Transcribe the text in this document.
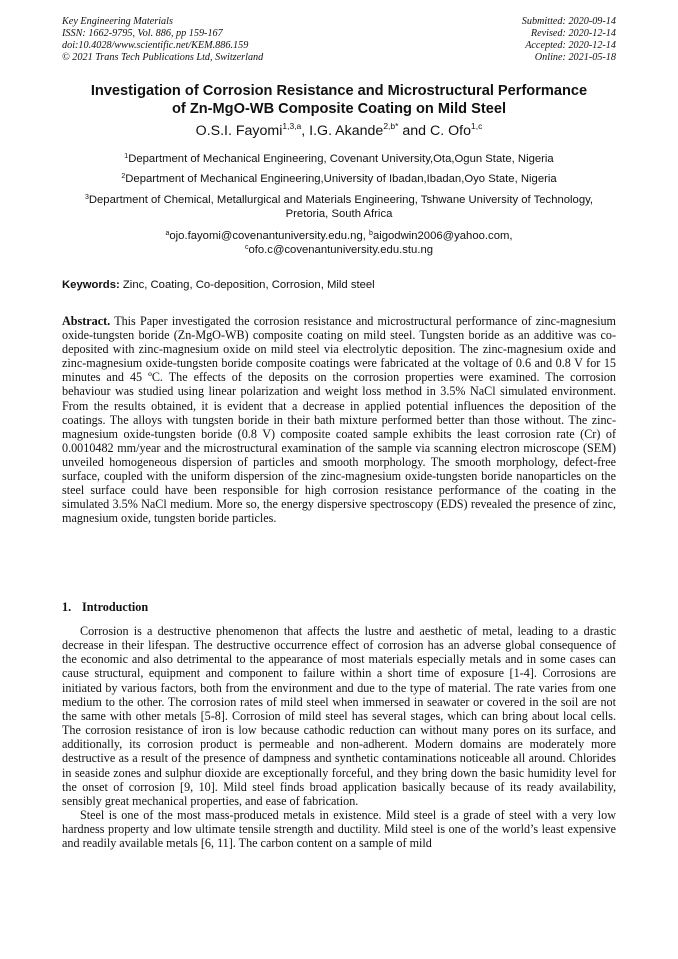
Key Engineering Materials
ISSN: 1662-9795, Vol. 886, pp 159-167
doi:10.4028/www.scientific.net/KEM.886.159
© 2021 Trans Tech Publications Ltd, Switzerland
Submitted: 2020-09-14
Revised: 2020-12-14
Accepted: 2020-12-14
Online: 2021-05-18
Investigation of Corrosion Resistance and Microstructural Performance
of Zn-MgO-WB Composite Coating on Mild Steel
O.S.I. Fayomi$^{1,3,a}$, I.G. Akande$^{2,b*}$ and C. Ofo$^{1,c}$
$^1$Department of Mechanical Engineering, Covenant University,Ota,Ogun State, Nigeria
$^2$Department of Mechanical Engineering,University of Ibadan,Ibadan,Oyo State, Nigeria
$^3$Department of Chemical, Metallurgical and Materials Engineering, Tshwane University of Technology, Pretoria, South Africa
$^a$ojo.fayomi@covenantuniversity.edu.ng, $^b$aigodwin2006@yahoo.com,
$^c$ofo.c@covenantuniversity.edu.stu.ng
Keywords: Zinc, Coating, Co-deposition, Corrosion, Mild steel
Abstract. This Paper investigated the corrosion resistance and microstructural performance of zinc-magnesium oxide-tungsten boride (Zn-MgO-WB) composite coating on mild steel. Tungsten boride as an additive was co-deposited with zinc-magnesium oxide on mild steel via electrolytic deposition. The zinc-magnesium oxide and zinc-magnesium oxide-tungsten boride composite coatings were fabricated at the voltage of 0.6 and 0.8 V for 15 minutes and 45 ºC. The effects of the deposits on the corrosion properties were examined. The corrosion behaviour was studied using linear polarization and weight loss method in 3.5% NaCl simulated environment. From the results obtained, it is evident that a decrease in applied potential influences the deposition of the coatings. The alloys with tungsten boride in their bath mixture performed better than those without. The zinc-magnesium oxide-tungsten boride (0.8 V) composite coated sample exhibits the least corrosion rate (Cr) of 0.0010482 mm/year and the microstructural examination of the sample via scanning electron microscope (SEM) unveiled homogeneous dispersion of particles and smooth morphology. The smooth morphology, defect-free surface, coupled with the uniform dispersion of the zinc-magnesium oxide-tungsten boride nanoparticles on the steel surface could have been responsible for high corrosion resistance performance of the coating in the simulated 3.5% NaCl medium. More so, the energy dispersive spectroscopy (EDS) revealed the presence of zinc, magnesium oxide, tungsten boride particles.
1. Introduction

Corrosion is a destructive phenomenon that affects the lustre and aesthetic of metal, leading to a drastic decrease in their lifespan. The destructive occurrence effect of corrosion has an adverse global consequence of the economic and also detrimental to the appearance of most materials especially metals and in some cases can cause structural, equipment and component to failure within a short time of exposure [1-4]. Corrosions are initiated by various factors, both from the environment and due to the type of material. The rate varies from one medium to the other. The corrosion rates of mild steel when immersed in seawater or covered in the soil are not the same with other metals [5-8]. Corrosion of mild steel has several stages, which can bring about local cells. The corrosion resistance of iron is low because cathodic reduction can without many pores on its surface, and additionally, its corrosion product is permeable and non-adherent. Modern domains are moderately more destructive as a result of the presence of dampness and synthetic contaminations noticeable all around. Chlorides in seaside zones and sulphur dioxide are exceptionally forceful, and they bring down the basic humidity level for the onset of corrosion [9, 10]. Mild steel finds broad application basically because of its ready availability, sensibly great mechanical properties, and ease of fabrication.

Steel is one of the most mass-produced metals in existence. Mild steel is a grade of steel with a very low hardness property and low ultimate tensile strength and ductility. Mild steel is one of the world’s least expensive and readily available metals [6, 11]. The carbon content on a sample of mild
